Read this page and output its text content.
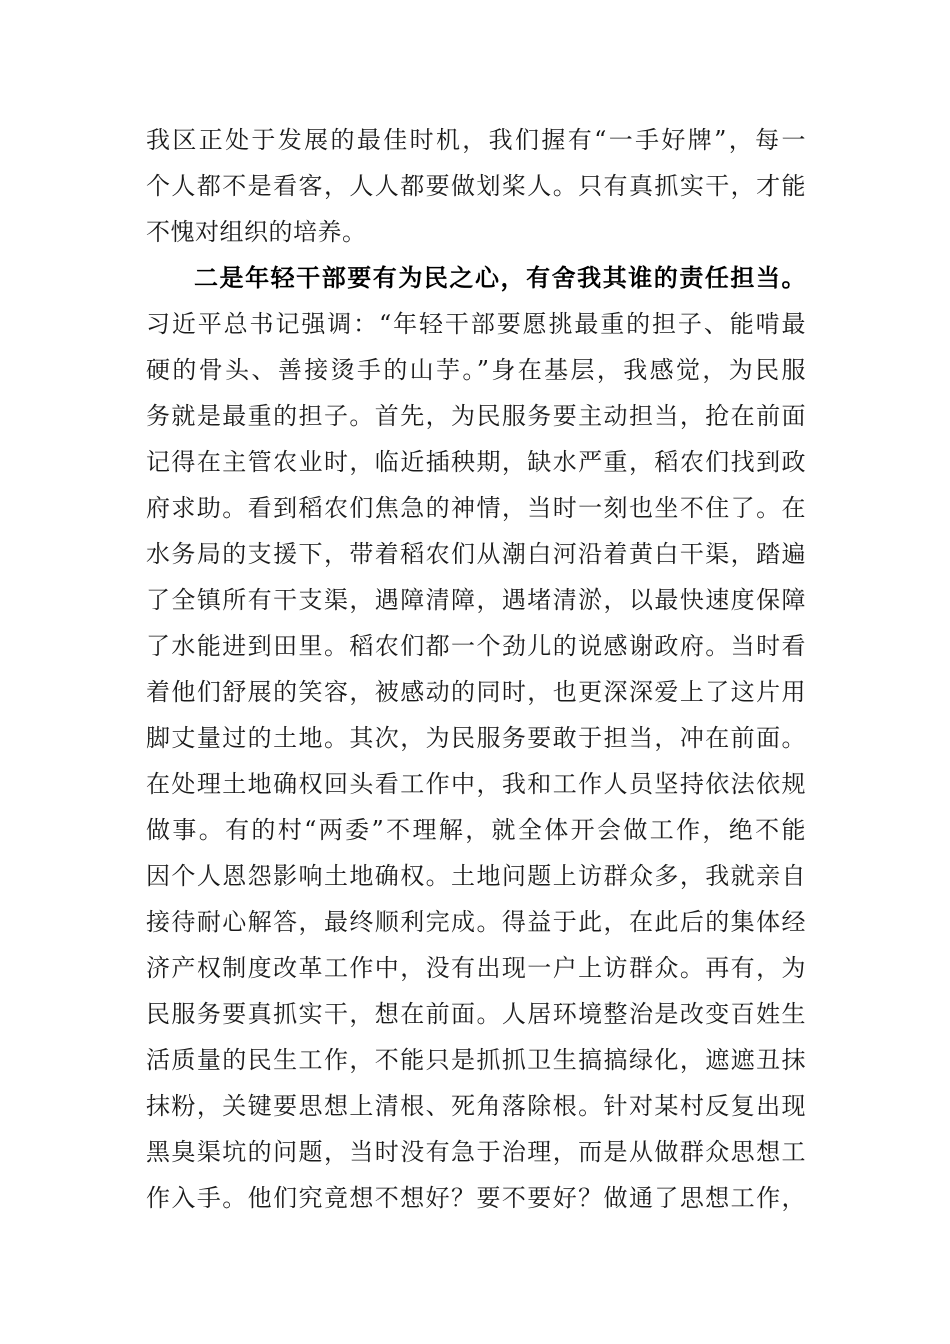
我区正处于发展的最佳时机，我们握有“一手好牌”，每一
个人都不是看客，人人都要做划桨人。只有真抓实干，才能
不愧对组织的培养。
二是年轻干部要有为民之心，有舍我其谁的责任担当。
习近平总书记强调：“年轻干部要愿挑最重的担子、能啃最
硬的骨头、善接烫手的山芋。”身在基层，我感觉，为民服
务就是最重的担子。首先，为民服务要主动担当，抢在前面
记得在主管农业时，临近插秧期，缺水严重，稻农们找到政
府求助。看到稻农们焦急的神情，当时一刻也坐不住了。在
水务局的支援下，带着稻农们从潮白河沿着黄白干渠，踏遍
了全镇所有干支渠，遇障清障，遇堵清淤，以最快速度保障
了水能进到田里。稻农们都一个劲儿的说感谢政府。当时看
着他们舒展的笑容，被感动的同时，也更深深爱上了这片用
脚丈量过的土地。其次，为民服务要敢于担当，冲在前面。
在处理土地确权回头看工作中，我和工作人员坚持依法依规
做事。有的村“两委”不理解，就全体开会做工作，绝不能
因个人恩怨影响土地确权。土地问题上访群众多，我就亲自
接待耐心解答，最终顺利完成。得益于此，在此后的集体经
济产权制度改革工作中，没有出现一户上访群众。再有，为
民服务要真抓实干，想在前面。人居环境整治是改变百姓生
活质量的民生工作，不能只是抓抓卫生搞搞绿化，遮遮丑抹
抹粉，关键要思想上清根、死角落除根。针对某村反复出现
黑臭渠坑的问题，当时没有急于治理，而是从做群众思想工
作入手。他们究竟想不想好？要不要好？做通了思想工作，
